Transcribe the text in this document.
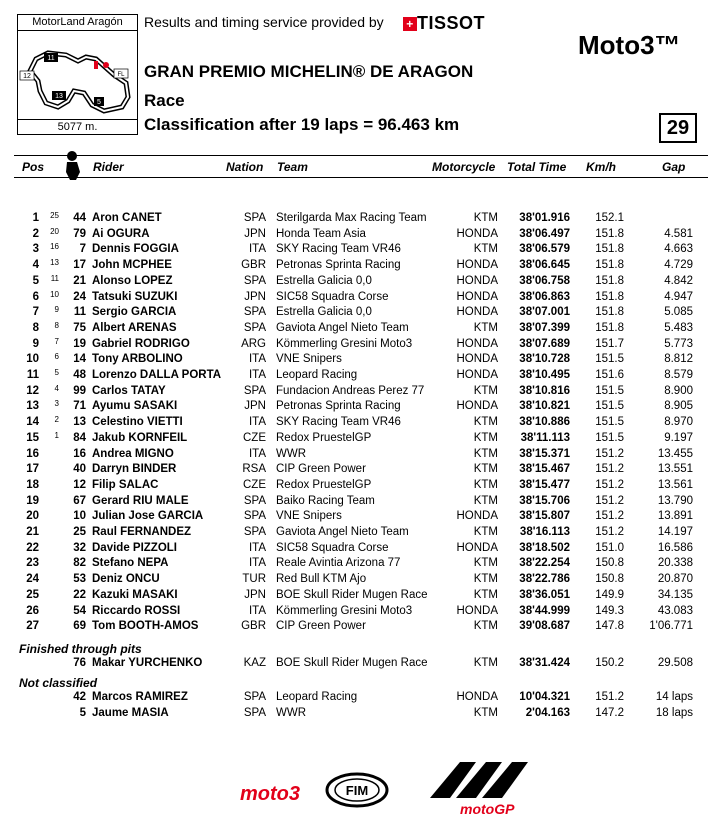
MotorLand Aragón
11
FL
12
13
5
5077 m.
Results and timing service provided by + TISSOT
Moto3™
GRAN PREMIO MICHELIN® DE ARAGON
Race
Classification after 19 laps = 96.463 km	29
Pos	Rider	Nation Team	Motorcycle Total Time Km/h	Gap
1	25	44 Aron CANET	SPA Sterilgarda Max Racing Team	KTM	38'01.916	152.1
2	20	79 Ai OGURA	JPN Honda Team Asia	HONDA	38'06.497	151.8	4.581
3	16	7 Dennis FOGGIA	ITA SKY Racing Team VR46	KTM	38'06.579	151.8	4.663
4	13	17 John MCPHEE	GBR Petronas Sprinta Racing	HONDA	38'06.645	151.8	4.729
5	11	21 Alonso LOPEZ	SPA Estrella Galicia 0,0	HONDA	38'06.758	151.8	4.842
6	10	24 Tatsuki SUZUKI	JPN SIC58 Squadra Corse	HONDA	38'06.863	151.8	4.947
7	9	11 Sergio GARCIA	SPA Estrella Galicia 0,0	HONDA	38'07.001	151.8	5.085
8	8	75 Albert ARENAS	SPA Gaviota Angel Nieto Team	KTM	38'07.399	151.8	5.483
9	7	19 Gabriel RODRIGO	ARG Kömmerling Gresini Moto3	HONDA	38'07.689	151.7	5.773
10	6	14 Tony ARBOLINO	ITA VNE Snipers	HONDA	38'10.728	151.5	8.812
11	5	48 Lorenzo DALLA PORTA	ITA Leopard Racing	HONDA	38'10.495	151.6	8.579
12	4	99 Carlos TATAY	SPA Fundacion Andreas Perez 77	KTM	38'10.816	151.5	8.900
13	3	71 Ayumu SASAKI	JPN Petronas Sprinta Racing	HONDA	38'10.821	151.5	8.905
14	2	13 Celestino VIETTI	ITA SKY Racing Team VR46	KTM	38'10.886	151.5	8.970
15	1	84 Jakub KORNFEIL	CZE Redox PruestelGP	KTM	38'11.113	151.5	9.197
16	16 Andrea MIGNO	ITA WWR	KTM	38'15.371	151.2	13.455
17	40 Darryn BINDER	RSA CIP Green Power	KTM	38'15.467	151.2	13.551
18	12 Filip SALAC	CZE Redox PruestelGP	KTM	38'15.477	151.2	13.561
19	67 Gerard RIU MALE	SPA Baiko Racing Team	KTM	38'15.706	151.2	13.790
20	10 Julian Jose GARCIA	SPA VNE Snipers	HONDA	38'15.807	151.2	13.891
21	25 Raul FERNANDEZ	SPA Gaviota Angel Nieto Team	KTM	38'16.113	151.2	14.197
22	32 Davide PIZZOLI	ITA SIC58 Squadra Corse	HONDA	38'18.502	151.0	16.586
23	82 Stefano NEPA	ITA Reale Avintia Arizona 77	KTM	38'22.254	150.8	20.338
24	53 Deniz ONCU	TUR Red Bull KTM Ajo	KTM	38'22.786	150.8	20.870
25	22 Kazuki MASAKI	JPN BOE Skull Rider Mugen Race	KTM	38'36.051	149.9	34.135
26	54 Riccardo ROSSI	ITA Kömmerling Gresini Moto3	HONDA	38'44.999	149.3	43.083
27	69 Tom BOOTH-AMOS	GBR CIP Green Power	KTM	39'08.687	147.8	1'06.771
76 Makar YURCHENKO	KAZ BOE Skull Rider Mugen Race	KTM	38'31.424	150.2	29.508
42 Marcos RAMIREZ	SPA Leopard Racing	HONDA	10'04.321	151.2	14 laps
5 Jaume MASIA	SPA WWR	KTM	2'04.163	147.2	18 laps
Finished through pits
Not classified
moto3	FIM
motoGP
